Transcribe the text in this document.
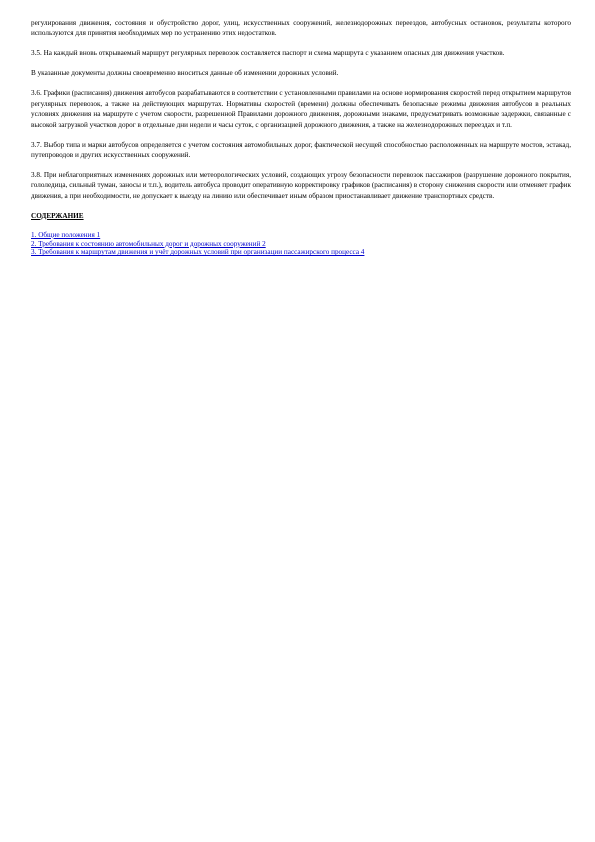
регулирования движения, состояния и обустройство дорог, улиц, искусственных сооружений, железнодорожных переездов, автобусных остановок, результаты которого используются для принятия необходимых мер по устранению этих недостатков.

3.5. На каждый вновь открываемый маршрут регулярных перевозок составляется паспорт и схема маршрута с указанием опасных для движения участков.

В указанные документы должны своевременно вноситься данные об изменении дорожных условий.

3.6. Графики (расписания) движения автобусов разрабатываются в соответствии с установленными правилами на основе нормирования скоростей перед открытием маршрутов регулярных перевозок, а также на действующих маршрутах. Нормативы скоростей (времени) должны обеспечивать безопасные режимы движения автобусов в реальных условиях движения на маршруте с учетом скорости, разрешенной Правилами дорожного движения, дорожными знаками, предусматривать возможные задержки, связанные с высокой загрузкой участков дорог в отдельные дни недели и часы суток, с организацией дорожного движения, а также на железнодорожных переездах и т.п.

3.7. Выбор типа и марки автобусов определяется с учетом состояния автомобильных дорог, фактической несущей способностью расположенных на маршруте мостов, эстакад, путепроводов и других искусственных сооружений.

3.8. При неблагоприятных изменениях дорожных или метеорологических условий, создающих угрозу безопасности перевозок пассажиров (разрушение дорожного покрытия, гололедица, сильный туман, заносы и т.п.), водитель автобуса проводит оперативную корректировку графиков (расписания) в сторону снижения скорости или отменяет график движения, а при необходимости, не допускает к выезду на линию или обеспечивает иным образом приостанавливает движение транспортных средств.

СОДЕРЖАНИЕ
1. Общие положения 1
2. Требования к состоянию автомобильных дорог и дорожных сооружений 2
3. Требования к маршрутам движения и учёт дорожных условий при организации пассажирского процесса 4
